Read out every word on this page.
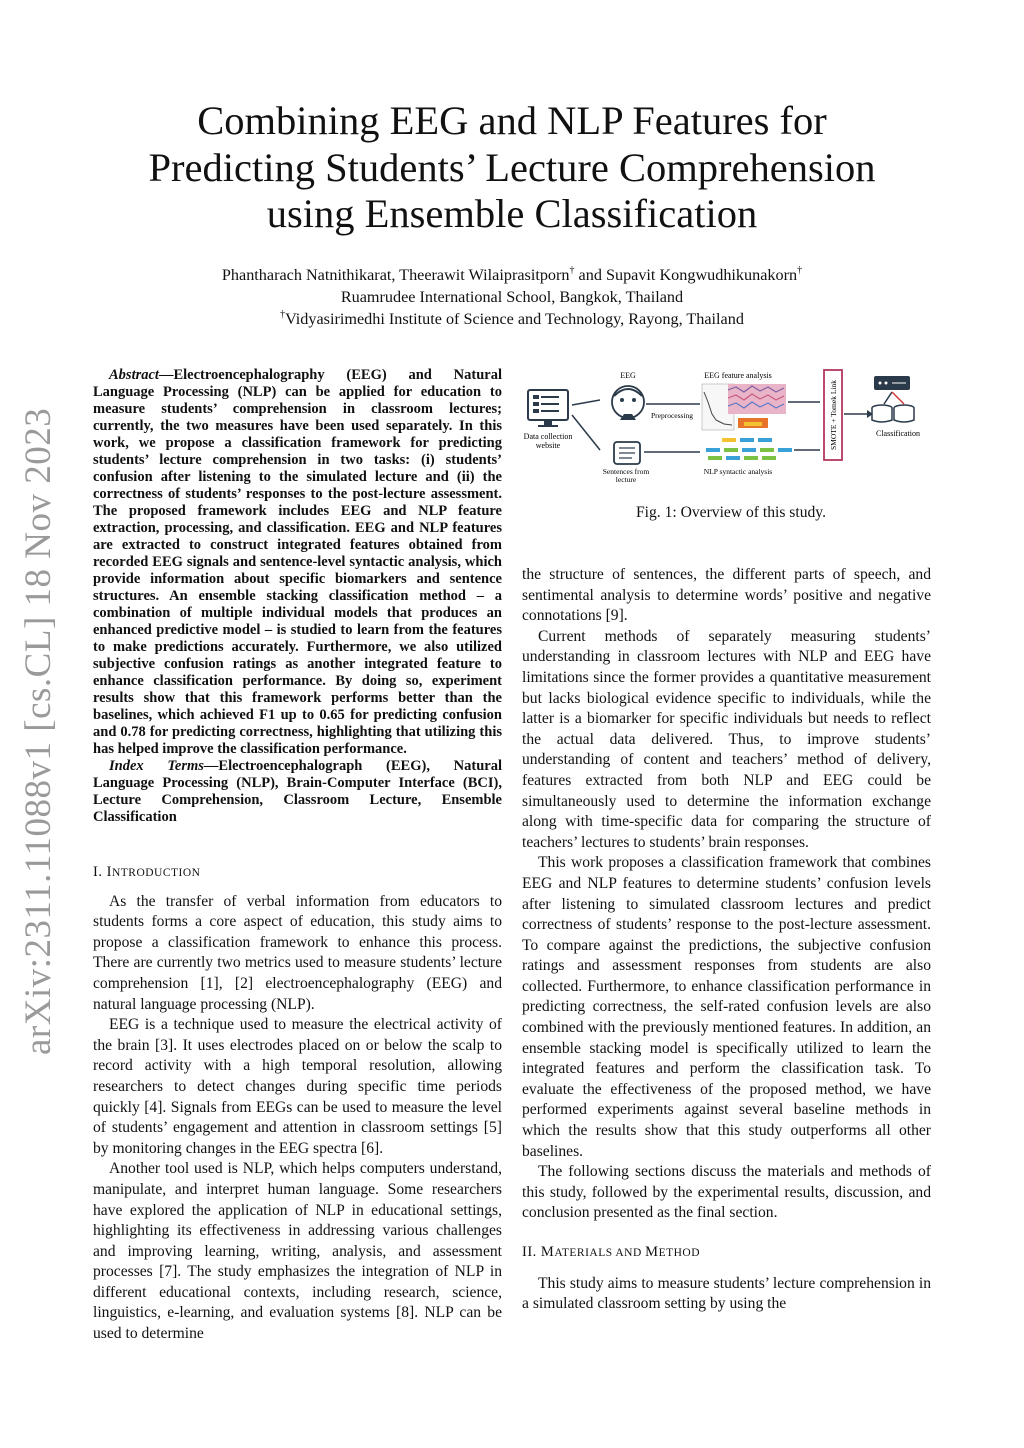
arXiv:2311.11088v1 [cs.CL] 18 Nov 2023
Combining EEG and NLP Features for
Predicting Students’ Lecture Comprehension
using Ensemble Classification
Phantharach Natnithikarat, Theerawit Wilaiprasitporn† and Supavit Kongwudhikunakorn†
Ruamrudee International School, Bangkok, Thailand
†Vidyasirimedhi Institute of Science and Technology, Rayong, Thailand

Abstract—Electroencephalography (EEG) and Natural Language Processing (NLP) can be applied for education to measure students’ comprehension in classroom lectures; currently, the two measures have been used separately. In this work, we propose a classification framework for predicting students’ lecture comprehension in two tasks: (i) students’ confusion after listening to the simulated lecture and (ii) the correctness of students’ responses to the post-lecture assessment. The proposed framework includes EEG and NLP feature extraction, processing, and classification. EEG and NLP features are extracted to construct integrated features obtained from recorded EEG signals and sentence-level syntactic analysis, which provide information about specific biomarkers and sentence structures. An ensemble stacking classification method – a combination of multiple individual models that produces an enhanced predictive model – is studied to learn from the features to make predictions accurately. Furthermore, we also utilized subjective confusion ratings as another integrated feature to enhance classification performance. By doing so, experiment results show that this framework performs better than the baselines, which achieved F1 up to 0.65 for predicting confusion and 0.78 for predicting correctness, highlighting that utilizing this has helped improve the classification performance.

Index Terms—Electroencephalograph (EEG), Natural Language Processing (NLP), Brain-Computer Interface (BCI), Lecture Comprehension, Classroom Lecture, Ensemble Classification

I. INTRODUCTION

As the transfer of verbal information from educators to students forms a core aspect of education, this study aims to propose a classification framework to enhance this process. There are currently two metrics used to measure students’ lecture comprehension [1], [2] electroencephalography (EEG) and natural language processing (NLP).

EEG is a technique used to measure the electrical activity of the brain [3]. It uses electrodes placed on or below the scalp to record activity with a high temporal resolution, allowing researchers to detect changes during specific time periods quickly [4]. Signals from EEGs can be used to measure the level of students’ engagement and attention in classroom settings [5] by monitoring changes in the EEG spectra [6].

Another tool used is NLP, which helps computers understand, manipulate, and interpret human language. Some researchers have explored the application of NLP in educational settings, highlighting its effectiveness in addressing various challenges and improving learning, writing, analysis, and assessment processes [7]. The study emphasizes the integration of NLP in different educational contexts, including research, science, linguistics, e-learning, and evaluation systems [8]. NLP can be used to determine

Data collection
website
EEG
Sentences from
lecture
Preprocessing
EEG feature analysis
NLP syntactic analysis
SMOTE + Tomek Link	Classification
Fig. 1: Overview of this study.

the structure of sentences, the different parts of speech, and sentimental analysis to determine words’ positive and negative connotations [9].

Current methods of separately measuring students’ understanding in classroom lectures with NLP and EEG have limitations since the former provides a quantitative measurement but lacks biological evidence specific to individuals, while the latter is a biomarker for specific individuals but needs to reflect the actual data delivered. Thus, to improve students’ understanding of content and teachers’ method of delivery, features extracted from both NLP and EEG could be simultaneously used to determine the information exchange along with time-specific data for comparing the structure of teachers’ lectures to students’ brain responses.

This work proposes a classification framework that combines EEG and NLP features to determine students’ confusion levels after listening to simulated classroom lectures and predict correctness of students’ response to the post-lecture assessment. To compare against the predictions, the subjective confusion ratings and assessment responses from students are also collected. Furthermore, to enhance classification performance in predicting correctness, the self-rated confusion levels are also combined with the previously mentioned features. In addition, an ensemble stacking model is specifically utilized to learn the integrated features and perform the classification task. To evaluate the effectiveness of the proposed method, we have performed experiments against several baseline methods in which the results show that this study outperforms all other baselines.

The following sections discuss the materials and methods of this study, followed by the experimental results, discussion, and conclusion presented as the final section.

II. MATERIALS AND METHOD

This study aims to measure students’ lecture comprehension in a simulated classroom setting by using the
